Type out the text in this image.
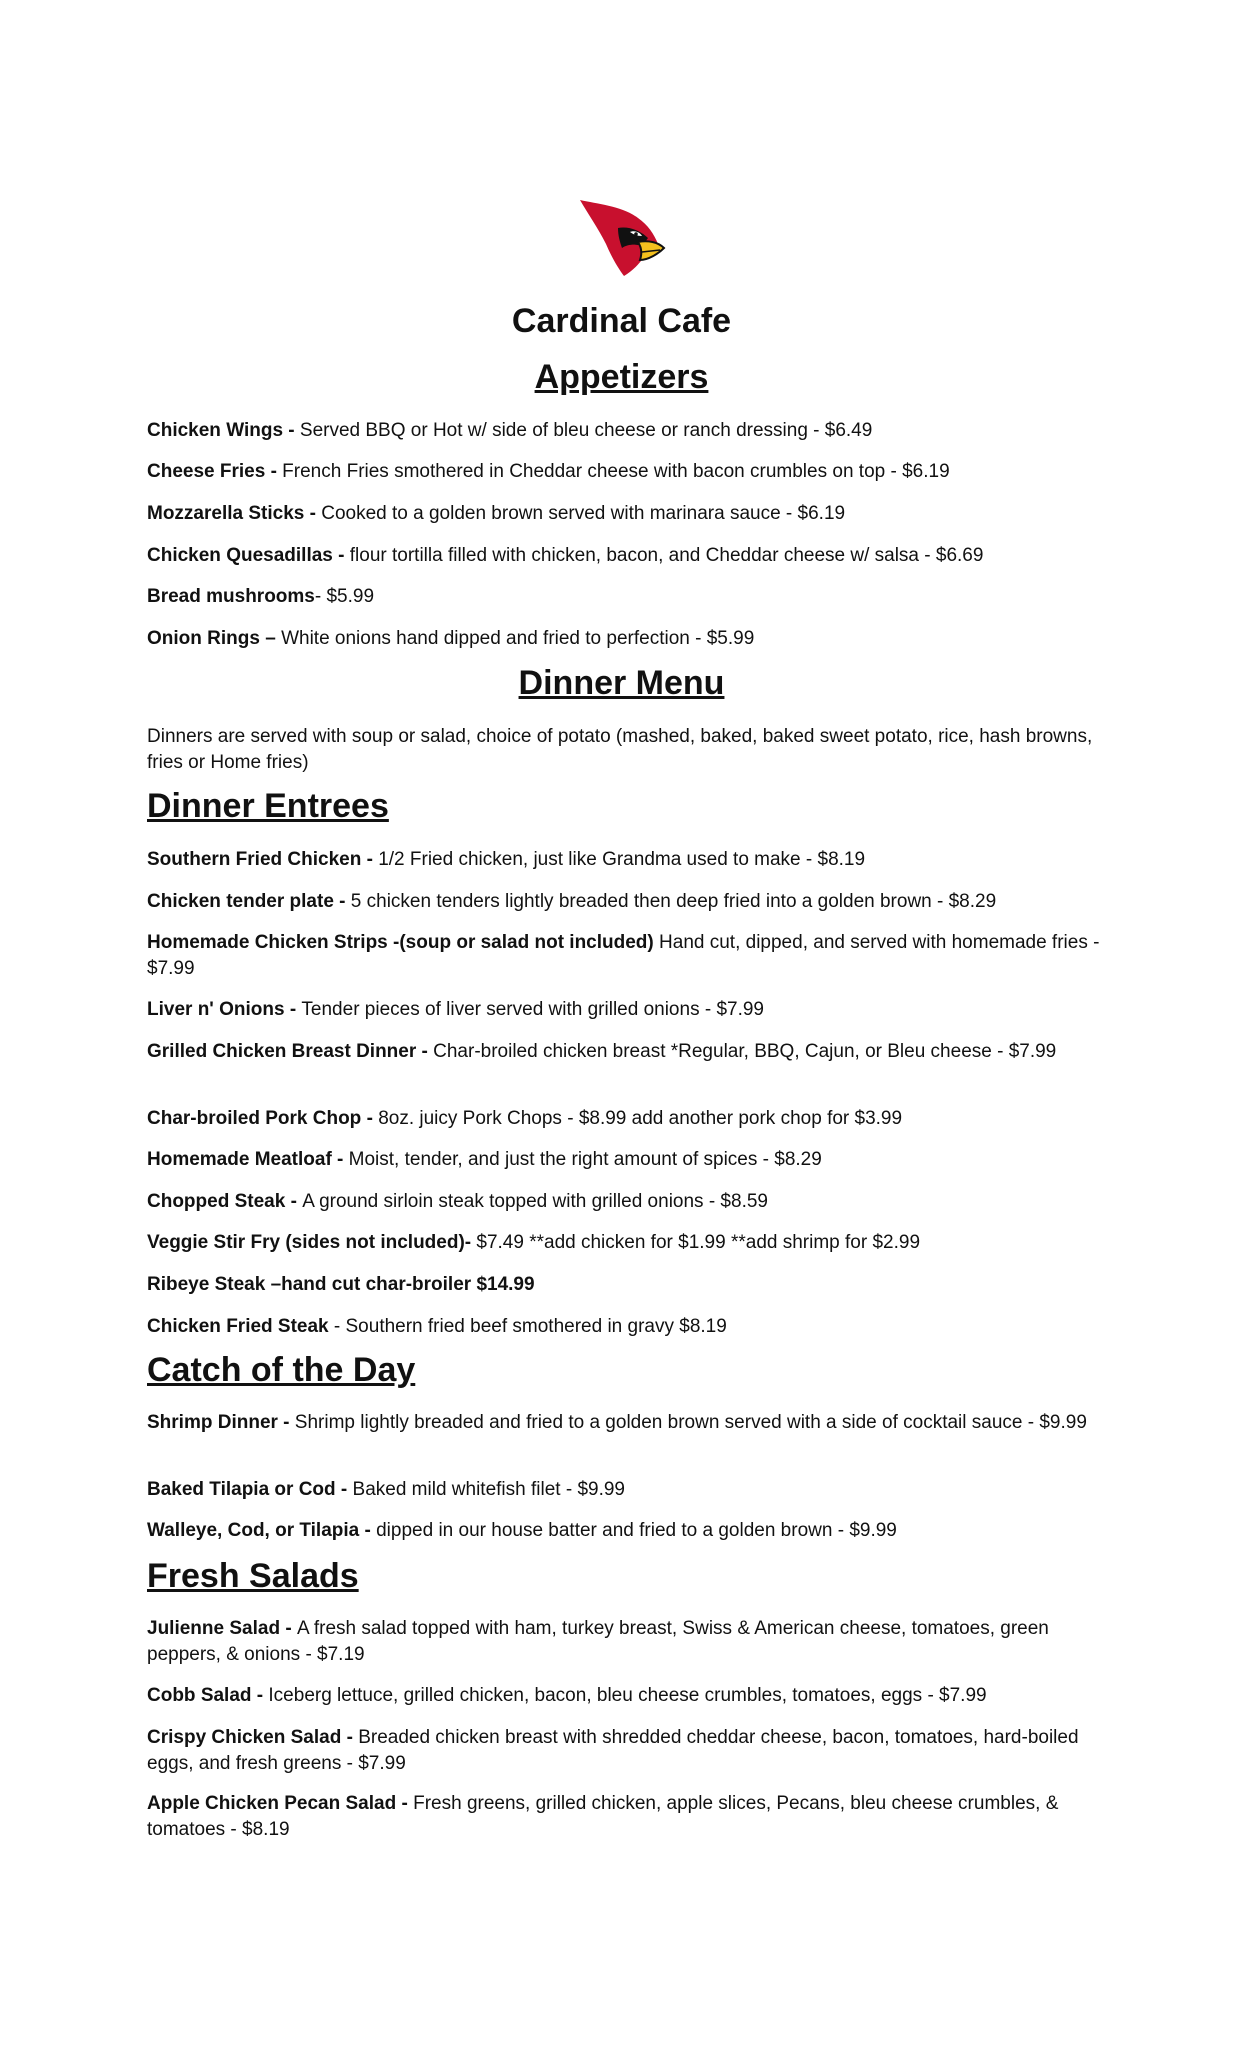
Cardinal Cafe
Appetizers

Chicken Wings - Served BBQ or Hot w/ side of bleu cheese or ranch dressing - $6.49

Cheese Fries - French Fries smothered in Cheddar cheese with bacon crumbles on top - $6.19

Mozzarella Sticks - Cooked to a golden brown served with marinara sauce - $6.19

Chicken Quesadillas - flour tortilla filled with chicken, bacon, and Cheddar cheese w/ salsa - $6.69

Bread mushrooms- $5.99

Onion Rings – White onions hand dipped and fried to perfection - $5.99

Dinner Menu

Dinners are served with soup or salad, choice of potato (mashed, baked, baked sweet potato, rice, hash browns, fries or Home fries)

Dinner Entrees

Southern Fried Chicken - 1/2 Fried chicken, just like Grandma used to make - $8.19

Chicken tender plate - 5 chicken tenders lightly breaded then deep fried into a golden brown - $8.29

Homemade Chicken Strips -(soup or salad not included) Hand cut, dipped, and served with homemade fries - $7.99

Liver n' Onions - Tender pieces of liver served with grilled onions - $7.99

Grilled Chicken Breast Dinner - Char-broiled chicken breast *Regular, BBQ, Cajun, or Bleu cheese - $7.99

Char-broiled Pork Chop - 8oz. juicy Pork Chops - $8.99 add another pork chop for $3.99

Homemade Meatloaf - Moist, tender, and just the right amount of spices - $8.29

Chopped Steak - A ground sirloin steak topped with grilled onions - $8.59

Veggie Stir Fry (sides not included)- $7.49 **add chicken for $1.99 **add shrimp for $2.99

Ribeye Steak –hand cut char-broiler $14.99

Chicken Fried Steak - Southern fried beef smothered in gravy $8.19

Catch of the Day

Shrimp Dinner - Shrimp lightly breaded and fried to a golden brown served with a side of cocktail sauce - $9.99

Baked Tilapia or Cod - Baked mild whitefish filet - $9.99

Walleye, Cod, or Tilapia - dipped in our house batter and fried to a golden brown - $9.99

Fresh Salads

Julienne Salad - A fresh salad topped with ham, turkey breast, Swiss & American cheese, tomatoes, green peppers, & onions - $7.19

Cobb Salad - Iceberg lettuce, grilled chicken, bacon, bleu cheese crumbles, tomatoes, eggs - $7.99

Crispy Chicken Salad - Breaded chicken breast with shredded cheddar cheese, bacon, tomatoes, hard-boiled eggs, and fresh greens - $7.99

Apple Chicken Pecan Salad - Fresh greens, grilled chicken, apple slices, Pecans, bleu cheese crumbles, & tomatoes - $8.19
